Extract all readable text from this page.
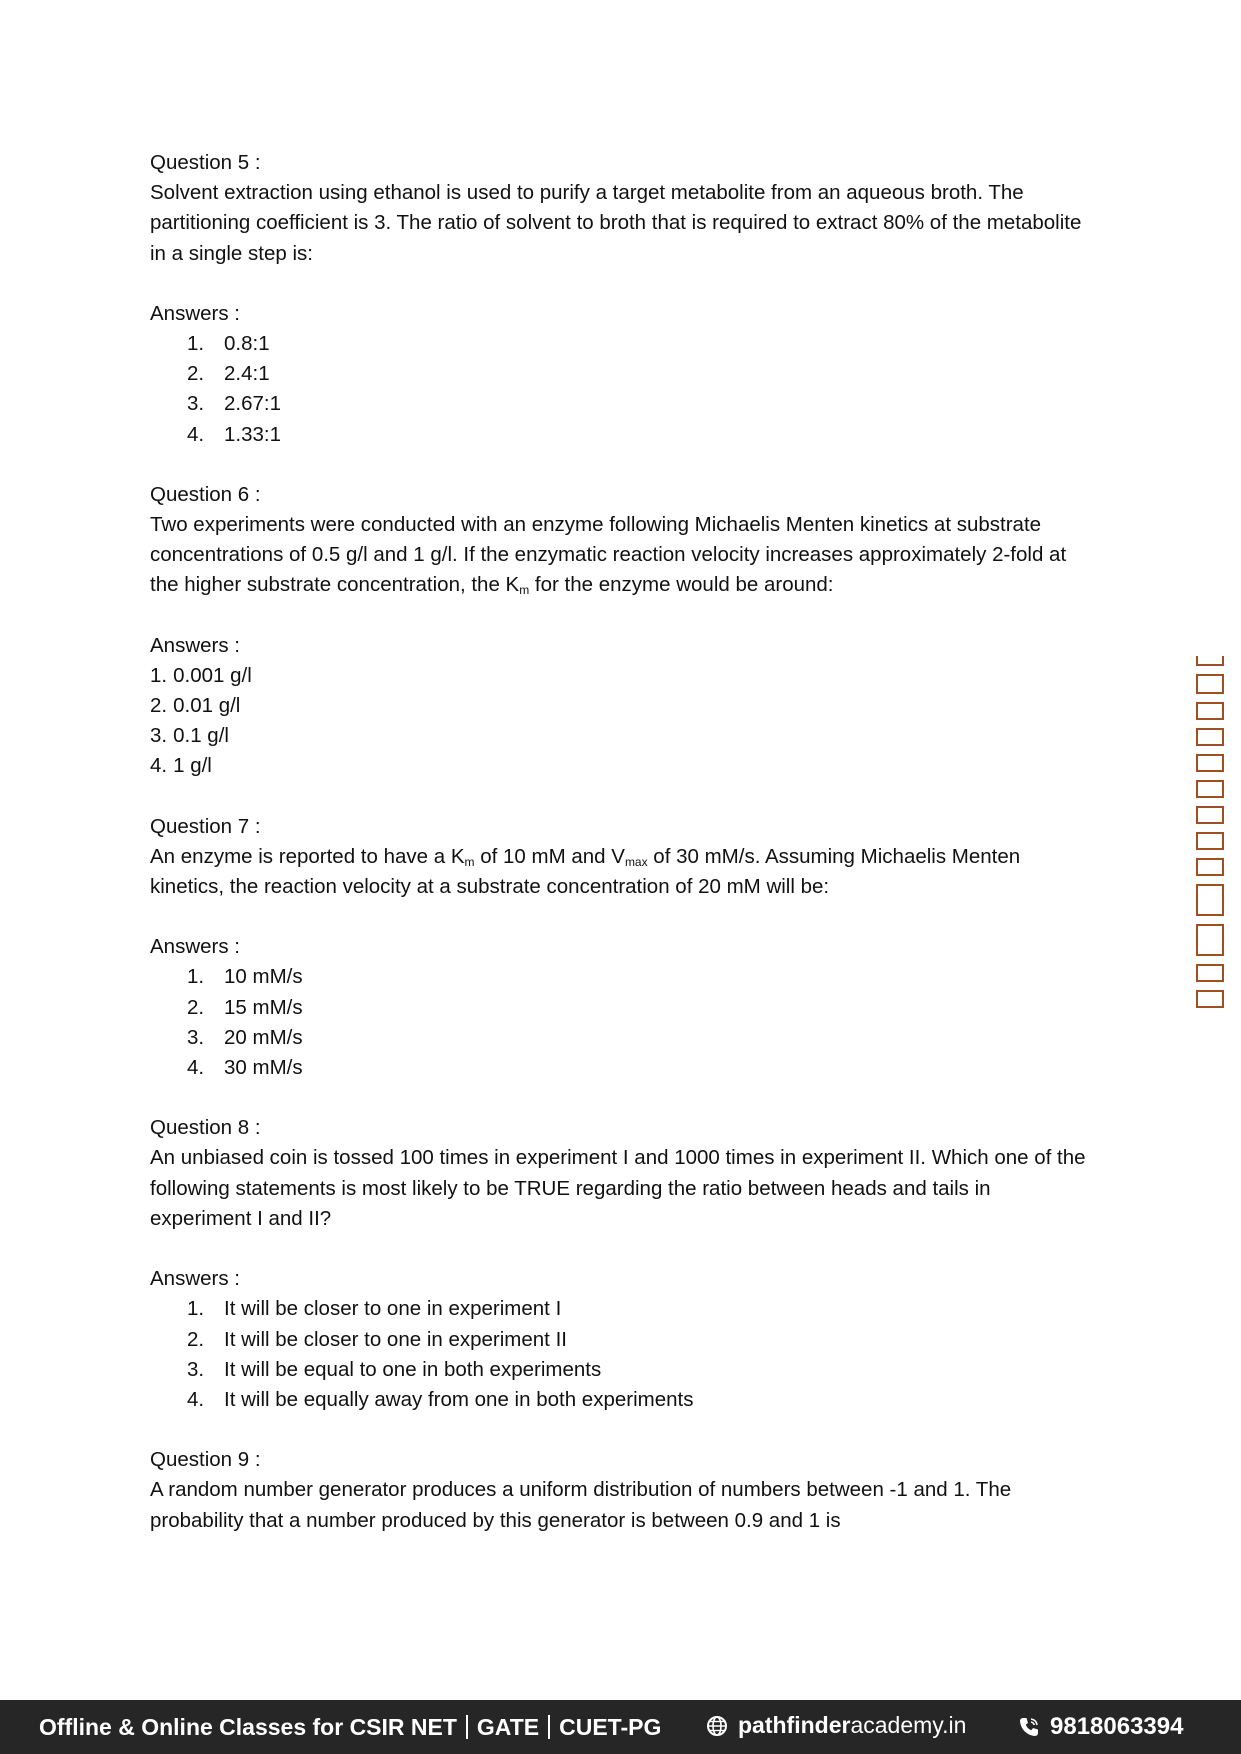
Question 5 :

Solvent extraction using ethanol is used to purify a target metabolite from an aqueous broth. The partitioning coefficient is 3. The ratio of solvent to broth that is required to extract 80% of the metabolite in a single step is:

Answers :

1. 0.8:1
2. 2.4:1
3. 2.67:1
4. 1.33:1

Question 6 :

Two experiments were conducted with an enzyme following Michaelis Menten kinetics at substrate concentrations of 0.5 g/l and 1 g/l. If the enzymatic reaction velocity increases approximately 2-fold at the higher substrate concentration, the $K_m$ for the enzyme would be around:

Answers :

1. 0.001 g/l
2. 0.01 g/l
3. 0.1 g/l
4. 1 g/l

Question 7 :

An enzyme is reported to have a $K_m$ of 10 mM and $V_{max}$ of 30 mM/s. Assuming Michaelis Menten kinetics, the reaction velocity at a substrate concentration of 20 mM will be:

Answers :

1. 10 mM/s
2. 15 mM/s
3. 20 mM/s
4. 30 mM/s

Question 8 :

An unbiased coin is tossed 100 times in experiment I and 1000 times in experiment II. Which one of the following statements is most likely to be TRUE regarding the ratio between heads and tails in experiment I and II?

Answers :

1. It will be closer to one in experiment I
2. It will be closer to one in experiment II
3. It will be equal to one in both experiments
4. It will be equally away from one in both experiments

Question 9 :

A random number generator produces a uniform distribution of numbers between -1 and 1. The probability that a number produced by this generator is between 0.9 and 1 is

Offline & Online Classes for CSIR NET GATE CUET-PG	pathfinderacademy.in	9818063394
